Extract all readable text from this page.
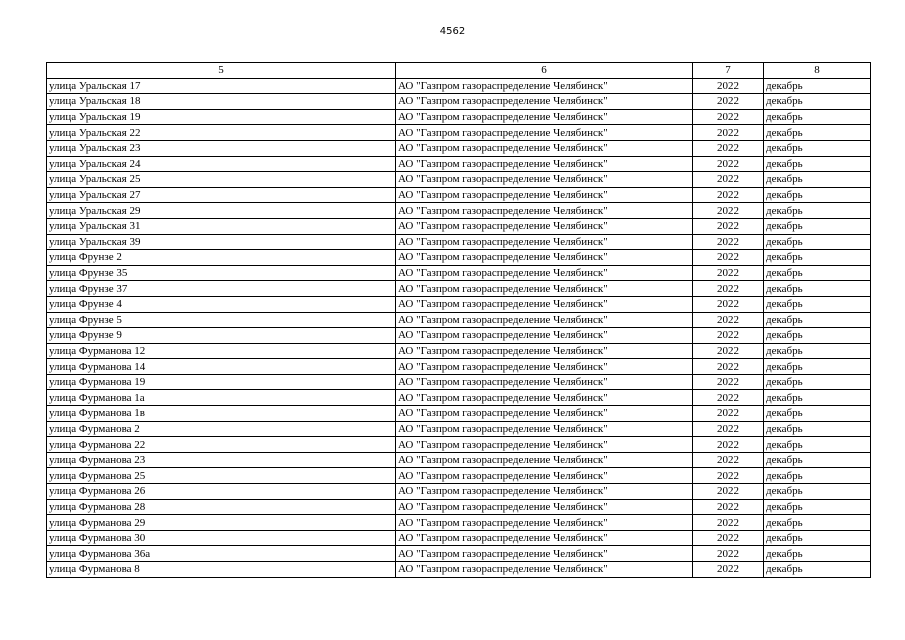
4562
5	6	7	8
улица Уральская 17	АО "Газпром газораспределение Челябинск"	2022	декабрь
улица Уральская 18	АО "Газпром газораспределение Челябинск"	2022	декабрь
улица Уральская 19	АО "Газпром газораспределение Челябинск"	2022	декабрь
улица Уральская 22	АО "Газпром газораспределение Челябинск"	2022	декабрь
улица Уральская 23	АО "Газпром газораспределение Челябинск"	2022	декабрь
улица Уральская 24	АО "Газпром газораспределение Челябинск"	2022	декабрь
улица Уральская 25	АО "Газпром газораспределение Челябинск"	2022	декабрь
улица Уральская 27	АО "Газпром газораспределение Челябинск"	2022	декабрь
улица Уральская 29	АО "Газпром газораспределение Челябинск"	2022	декабрь
улица Уральская 31	АО "Газпром газораспределение Челябинск"	2022	декабрь
улица Уральская 39	АО "Газпром газораспределение Челябинск"	2022	декабрь
улица Фрунзе 2	АО "Газпром газораспределение Челябинск"	2022	декабрь
улица Фрунзе 35	АО "Газпром газораспределение Челябинск"	2022	декабрь
улица Фрунзе 37	АО "Газпром газораспределение Челябинск"	2022	декабрь
улица Фрунзе 4	АО "Газпром газораспределение Челябинск"	2022	декабрь
улица Фрунзе 5	АО "Газпром газораспределение Челябинск"	2022	декабрь
улица Фрунзе 9	АО "Газпром газораспределение Челябинск"	2022	декабрь
улица Фурманова 12	АО "Газпром газораспределение Челябинск"	2022	декабрь
улица Фурманова 14	АО "Газпром газораспределение Челябинск"	2022	декабрь
улица Фурманова 19	АО "Газпром газораспределение Челябинск"	2022	декабрь
улица Фурманова 1а	АО "Газпром газораспределение Челябинск"	2022	декабрь
улица Фурманова 1в	АО "Газпром газораспределение Челябинск"	2022	декабрь
улица Фурманова 2	АО "Газпром газораспределение Челябинск"	2022	декабрь
улица Фурманова 22	АО "Газпром газораспределение Челябинск"	2022	декабрь
улица Фурманова 23	АО "Газпром газораспределение Челябинск"	2022	декабрь
улица Фурманова 25	АО "Газпром газораспределение Челябинск"	2022	декабрь
улица Фурманова 26	АО "Газпром газораспределение Челябинск"	2022	декабрь
улица Фурманова 28	АО "Газпром газораспределение Челябинск"	2022	декабрь
улица Фурманова 29	АО "Газпром газораспределение Челябинск"	2022	декабрь
улица Фурманова 30	АО "Газпром газораспределение Челябинск"	2022	декабрь
улица Фурманова 36а	АО "Газпром газораспределение Челябинск"	2022	декабрь
улица Фурманова 8	АО "Газпром газораспределение Челябинск"	2022	декабрь
